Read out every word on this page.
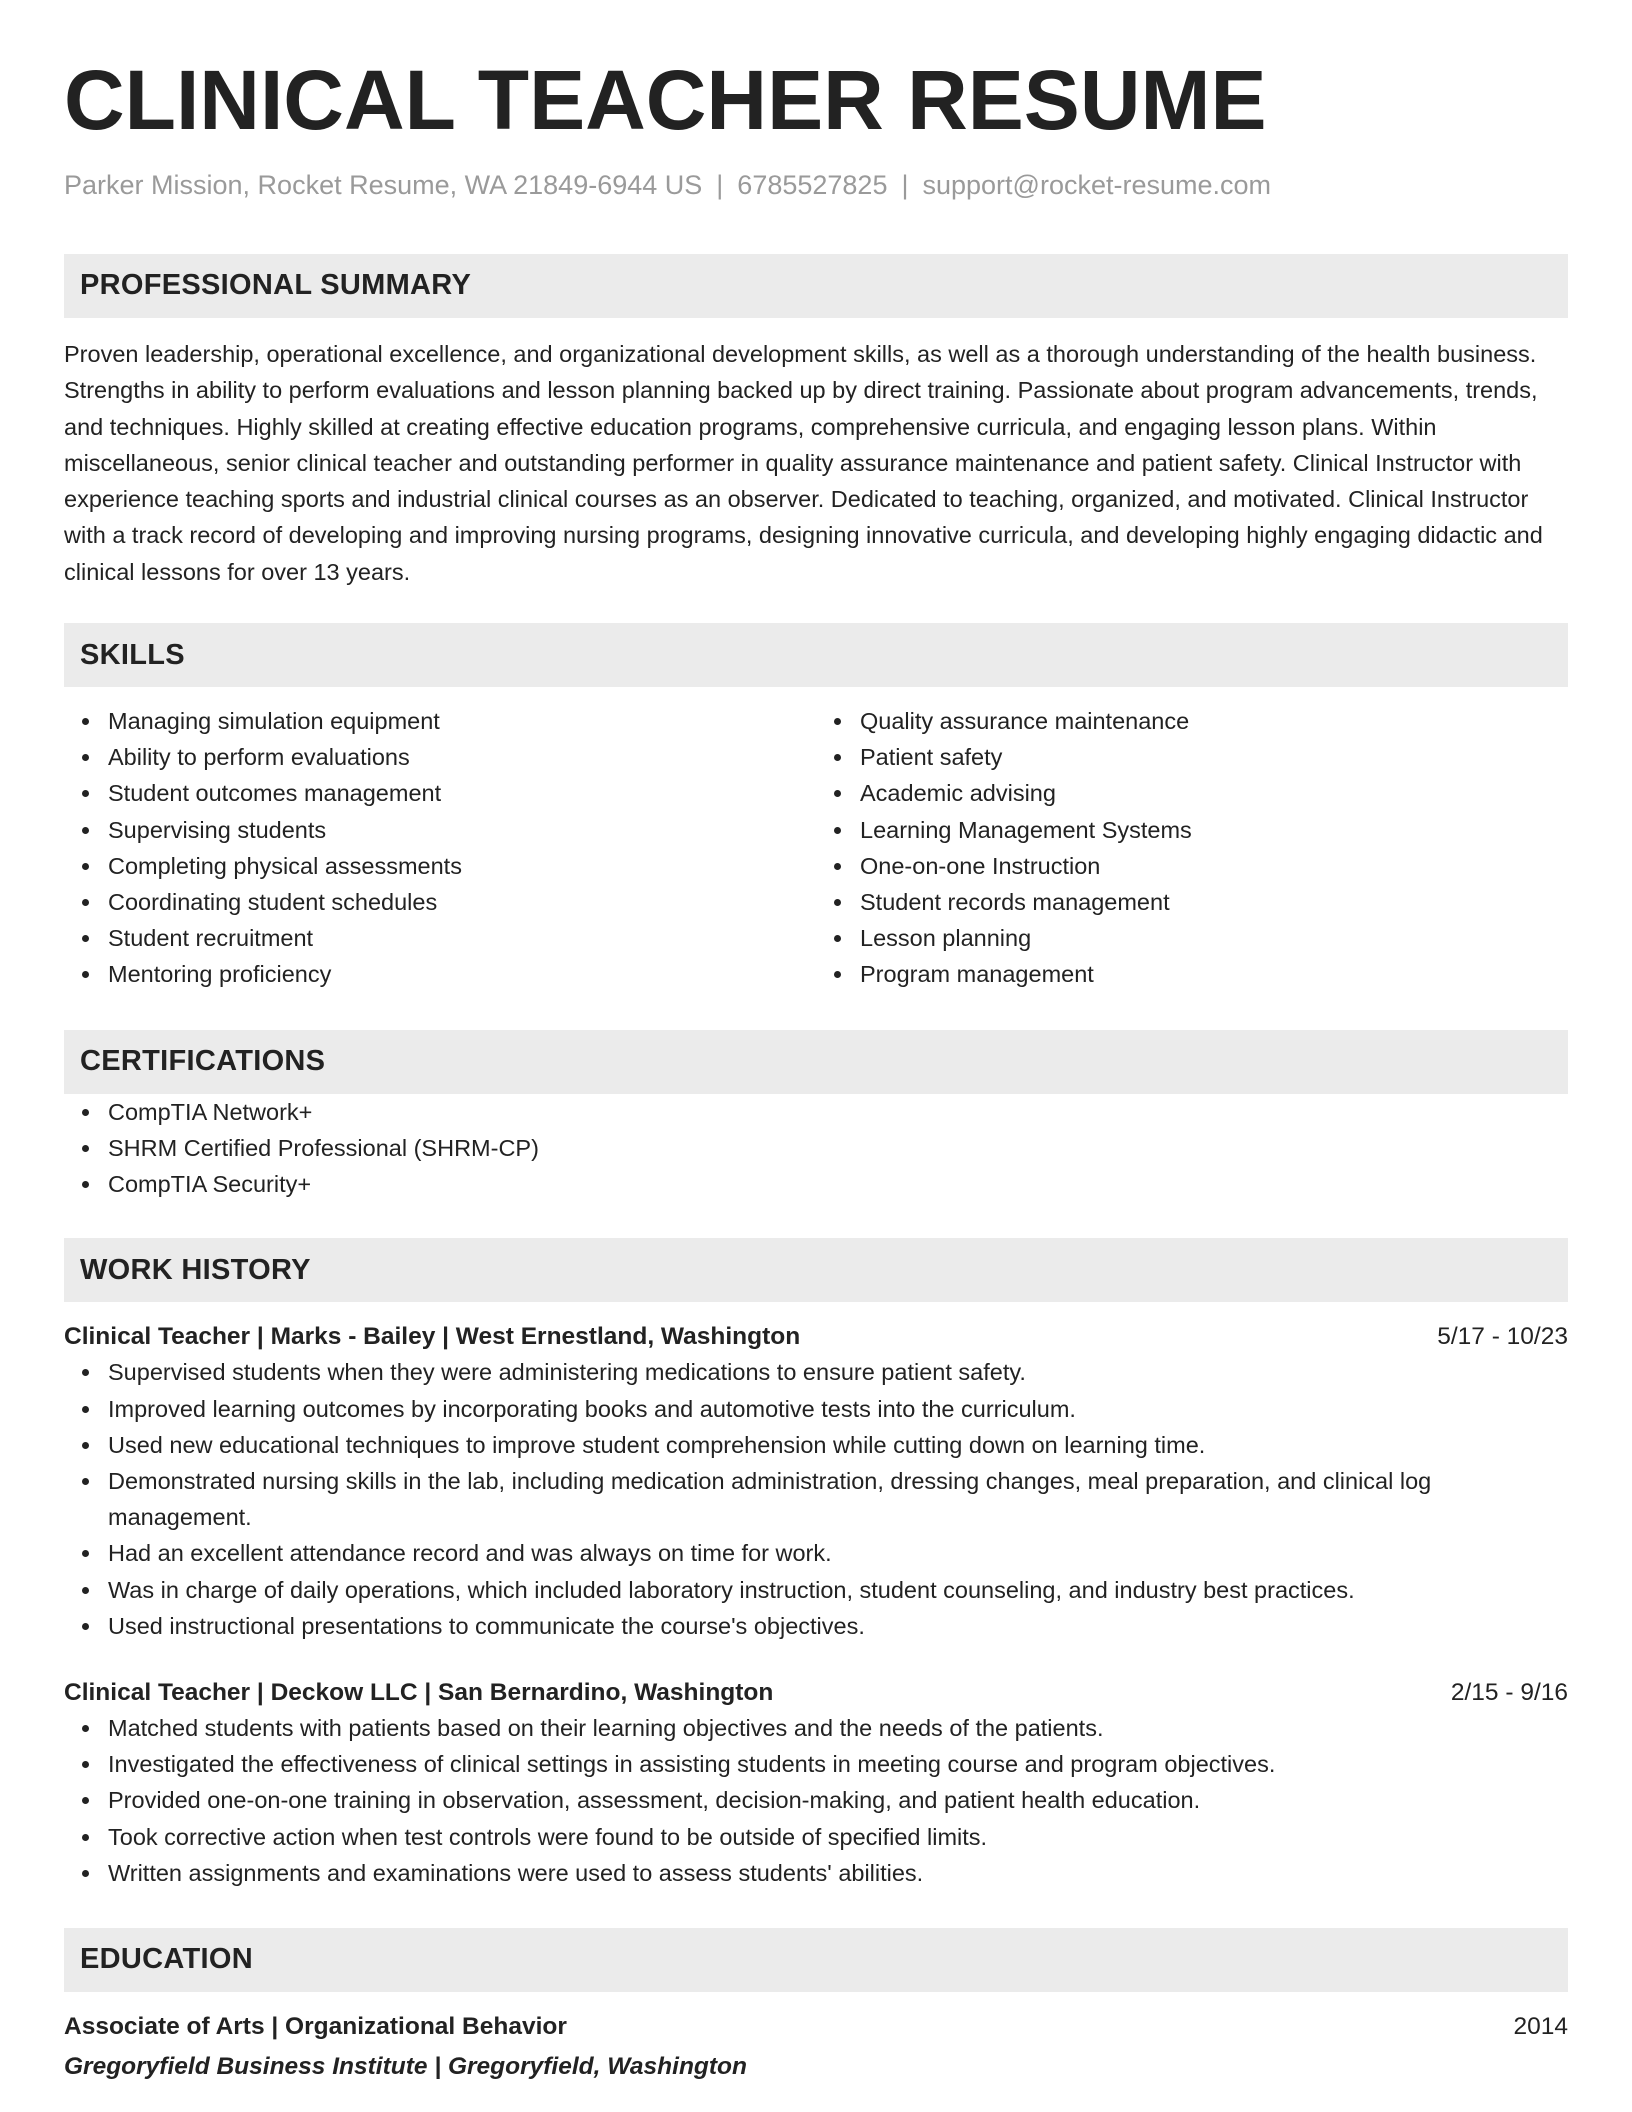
CLINICAL TEACHER RESUME
Parker Mission, Rocket Resume, WA 21849-6944 US | 6785527825 | support@rocket-resume.com
PROFESSIONAL SUMMARY

Proven leadership, operational excellence, and organizational development skills, as well as a thorough understanding of the health business. Strengths in ability to perform evaluations and lesson planning backed up by direct training. Passionate about program advancements, trends, and techniques. Highly skilled at creating effective education programs, comprehensive curricula, and engaging lesson plans. Within miscellaneous, senior clinical teacher and outstanding performer in quality assurance maintenance and patient safety. Clinical Instructor with experience teaching sports and industrial clinical courses as an observer. Dedicated to teaching, organized, and motivated. Clinical Instructor with a track record of developing and improving nursing programs, designing innovative curricula, and developing highly engaging didactic and clinical lessons for over 13 years.

SKILLS
Managing simulation equipment
Ability to perform evaluations
Student outcomes management
Supervising students
Completing physical assessments
Coordinating student schedules
Student recruitment
Mentoring proficiency
Quality assurance maintenance
Patient safety
Academic advising
Learning Management Systems
One-on-one Instruction
Student records management
Lesson planning
Program management
CERTIFICATIONS
CompTIA Network+
SHRM Certified Professional (SHRM-CP)
CompTIA Security+
WORK HISTORY
Clinical Teacher | Marks - Bailey | West Ernestland, Washington	5/17 - 10/23
Supervised students when they were administering medications to ensure patient safety.
Improved learning outcomes by incorporating books and automotive tests into the curriculum.
Used new educational techniques to improve student comprehension while cutting down on learning time.
Demonstrated nursing skills in the lab, including medication administration, dressing changes, meal preparation, and clinical log management.
Had an excellent attendance record and was always on time for work.
Was in charge of daily operations, which included laboratory instruction, student counseling, and industry best practices.
Used instructional presentations to communicate the course's objectives.
Clinical Teacher | Deckow LLC | San Bernardino, Washington	2/15 - 9/16
Matched students with patients based on their learning objectives and the needs of the patients.
Investigated the effectiveness of clinical settings in assisting students in meeting course and program objectives.
Provided one-on-one training in observation, assessment, decision-making, and patient health education.
Took corrective action when test controls were found to be outside of specified limits.
Written assignments and examinations were used to assess students' abilities.
EDUCATION
Associate of Arts | Organizational Behavior	2014
Gregoryfield Business Institute | Gregoryfield, Washington
